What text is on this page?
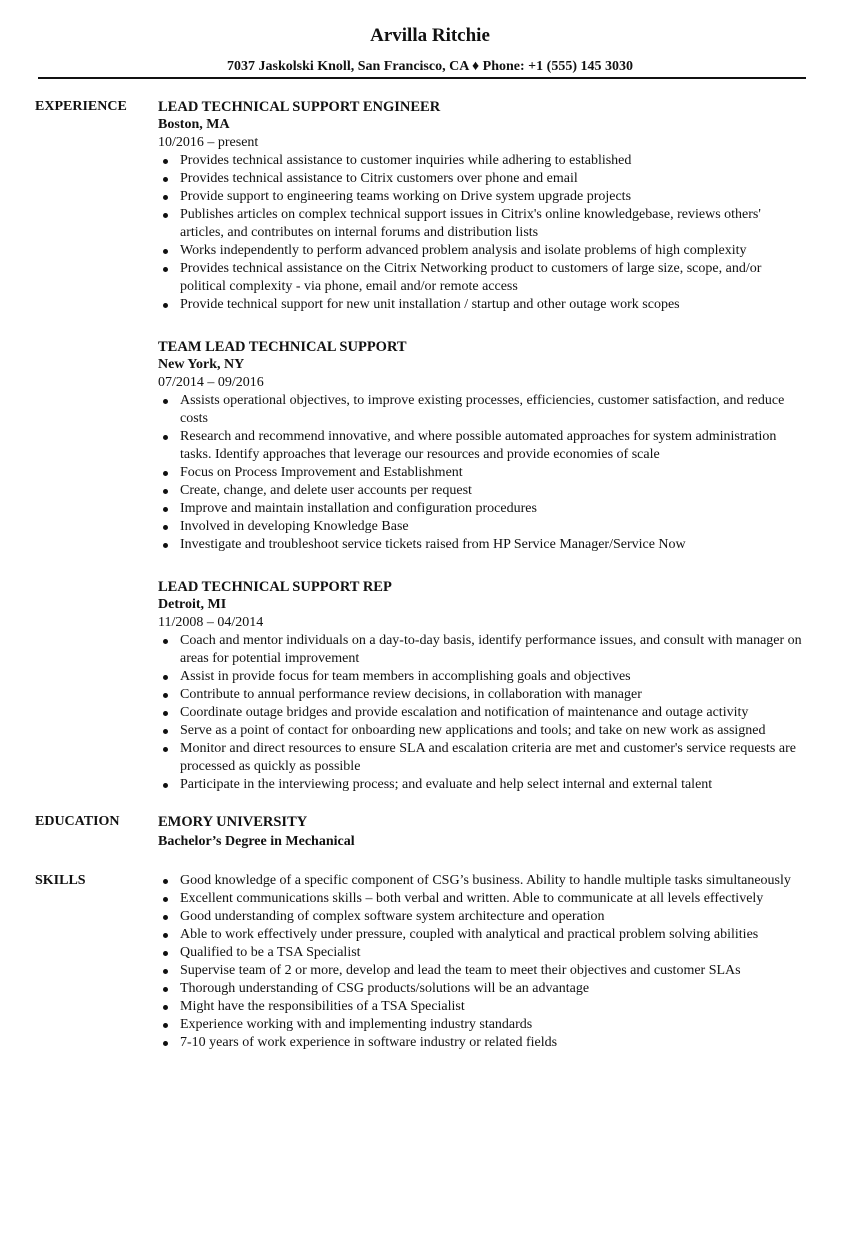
Arvilla Ritchie
7037 Jaskolski Knoll, San Francisco, CA ♦ Phone: +1 (555) 145 3030
EXPERIENCE	LEAD TECHNICAL SUPPORT ENGINEER
Boston, MA
10/2016 – present
Provides technical assistance to customer inquiries while adhering to established
Provides technical assistance to Citrix customers over phone and email
Provide support to engineering teams working on Drive system upgrade projects
Publishes articles on complex technical support issues in Citrix's online knowledgebase, reviews others' articles, and contributes on internal forums and distribution lists
Works independently to perform advanced problem analysis and isolate problems of high complexity
Provides technical assistance on the Citrix Networking product to customers of large size, scope, and/or political complexity - via phone, email and/or remote access
Provide technical support for new unit installation / startup and other outage work scopes
TEAM LEAD TECHNICAL SUPPORT
New York, NY
07/2014 – 09/2016
Assists operational objectives, to improve existing processes, efficiencies, customer satisfaction, and reduce costs
Research and recommend innovative, and where possible automated approaches for system administration tasks. Identify approaches that leverage our resources and provide economies of scale
Focus on Process Improvement and Establishment
Create, change, and delete user accounts per request
Improve and maintain installation and configuration procedures
Involved in developing Knowledge Base
Investigate and troubleshoot service tickets raised from HP Service Manager/Service Now
LEAD TECHNICAL SUPPORT REP
Detroit, MI
11/2008 – 04/2014
Coach and mentor individuals on a day-to-day basis, identify performance issues, and consult with manager on areas for potential improvement
Assist in provide focus for team members in accomplishing goals and objectives
Contribute to annual performance review decisions, in collaboration with manager
Coordinate outage bridges and provide escalation and notification of maintenance and outage activity
Serve as a point of contact for onboarding new applications and tools; and take on new work as assigned
Monitor and direct resources to ensure SLA and escalation criteria are met and customer's service requests are processed as quickly as possible
Participate in the interviewing process; and evaluate and help select internal and external talent
EDUCATION	EMORY UNIVERSITY
Bachelor’s Degree in Mechanical
SKILLS	Good knowledge of a specific component of CSG’s business. Ability to handle multiple tasks simultaneously
Excellent communications skills – both verbal and written. Able to communicate at all levels effectively
Good understanding of complex software system architecture and operation
Able to work effectively under pressure, coupled with analytical and practical problem solving abilities
Qualified to be a TSA Specialist
Supervise team of 2 or more, develop and lead the team to meet their objectives and customer SLAs
Thorough understanding of CSG products/solutions will be an advantage
Might have the responsibilities of a TSA Specialist
Experience working with and implementing industry standards
7-10 years of work experience in software industry or related fields
